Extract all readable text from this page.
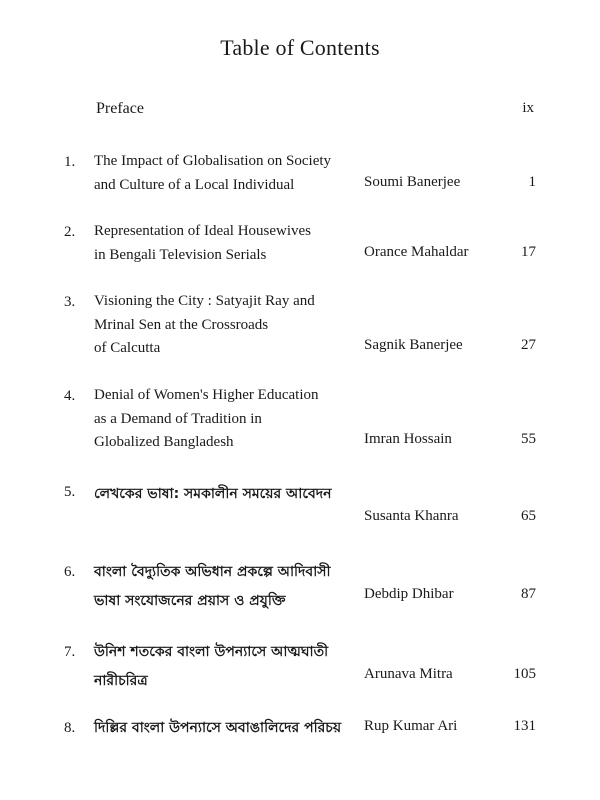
Table of Contents
Preface	ix
1. The Impact of Globalisation on Society
and Culture of a Local Individual	Soumi Banerjee	1
2. Representation of Ideal Housewives
in Bengali Television Serials	Orance Mahaldar	17
3. Visioning the City : Satyajit Ray and
Mrinal Sen at the Crossroads
of Calcutta	Sagnik Banerjee	27
4. Denial of Women's Higher Education
as a Demand of Tradition in
Globalized Bangladesh	Imran Hossain	55
5. লেখকের ভাষা: সমকালীন সময়ের আবেদন
Susanta Khanra	65
6. বাংলা বৈদ্যুতিক অভিধান প্রকল্পে আদিবাসী
ভাষা সংযোজনের প্রয়াস ও প্রযুক্তি	Debdip Dhibar	87
7. উনিশ শতকের বাংলা উপন্যাসে আত্মঘাতী
নারীচরিত্র	Arunava Mitra	105
8. দিল্লির বাংলা উপন্যাসে অবাঙালিদের পরিচয়	Rup Kumar Ari	131
